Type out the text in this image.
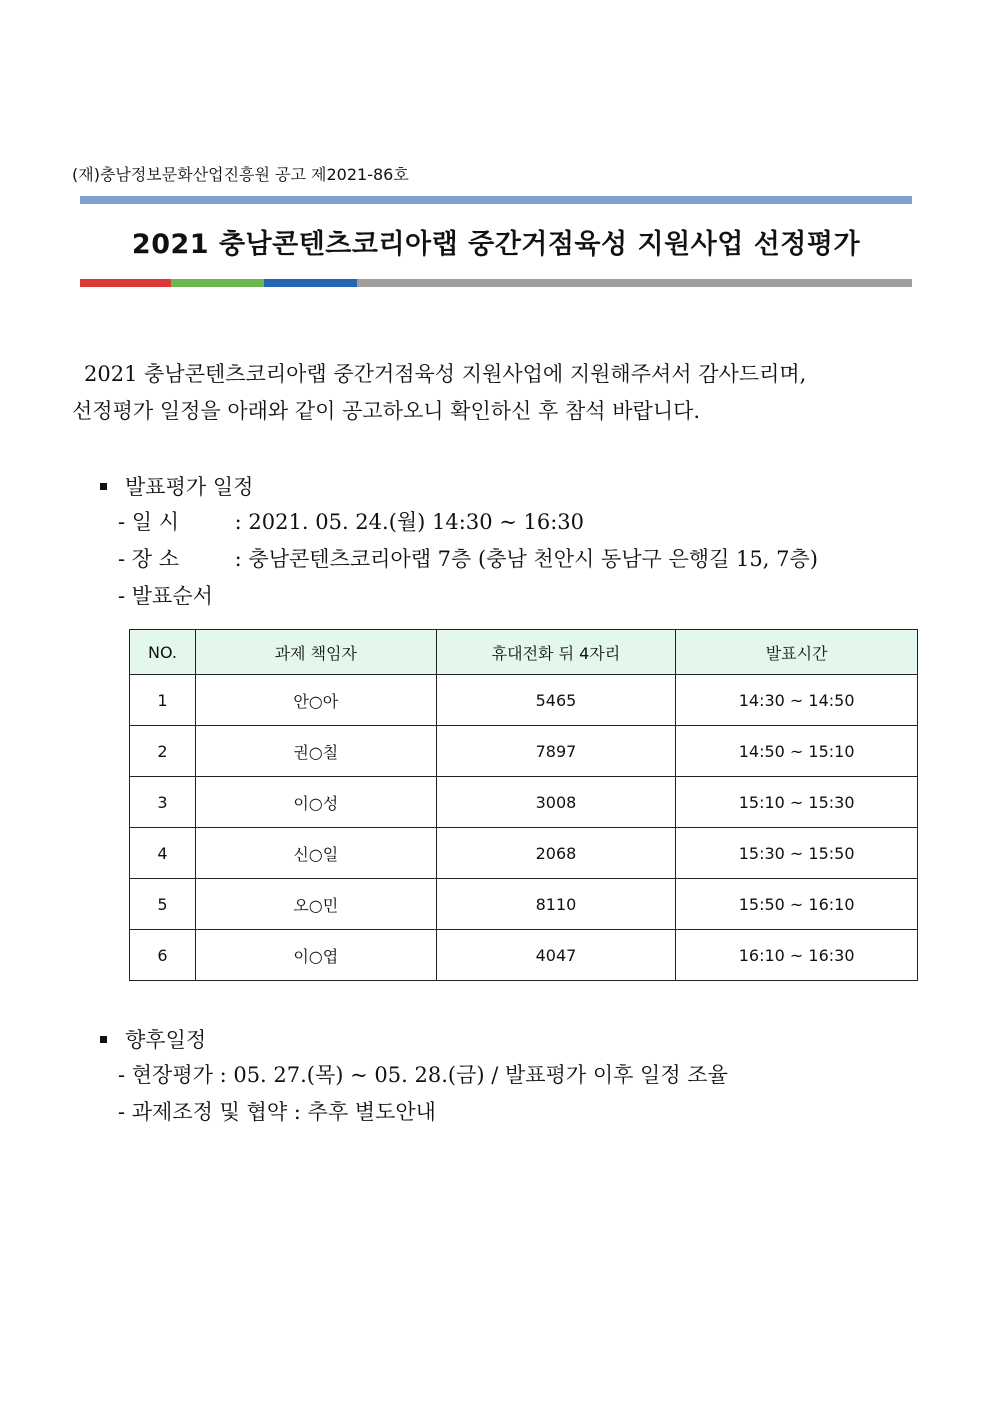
(재)충남정보문화산업진흥원 공고 제2021-86호
2021 충남콘텐츠코리아랩 중간거점육성 지원사업 선정평가

2021 충남콘텐츠코리아랩 중간거점육성 지원사업에 지원해주셔서 감사드리며,

선정평가 일정을 아래와 같이 공고하오니 확인하신 후 참석 바랍니다.

발표평가 일정
- 일 시 : 2021. 05. 24.(월) 14:30 ~ 16:30
- 장 소 : 충남콘텐츠코리아랩 7층 (충남 천안시 동남구 은행길 15, 7층)
- 발표순서
NO.	과제 책임자	휴대전화 뒤 4자리	발표시간
1	안○아	5465	14:30 ~ 14:50
2	권○칠	7897	14:50 ~ 15:10
3	이○성	3008	15:10 ~ 15:30
4	신○일	2068	15:30 ~ 15:50
5	오○민	8110	15:50 ~ 16:10
6	이○엽	4047	16:10 ~ 16:30
향후일정
- 현장평가 : 05. 27.(목) ~ 05. 28.(금) / 발표평가 이후 일정 조율
- 과제조정 및 협약 : 추후 별도안내
